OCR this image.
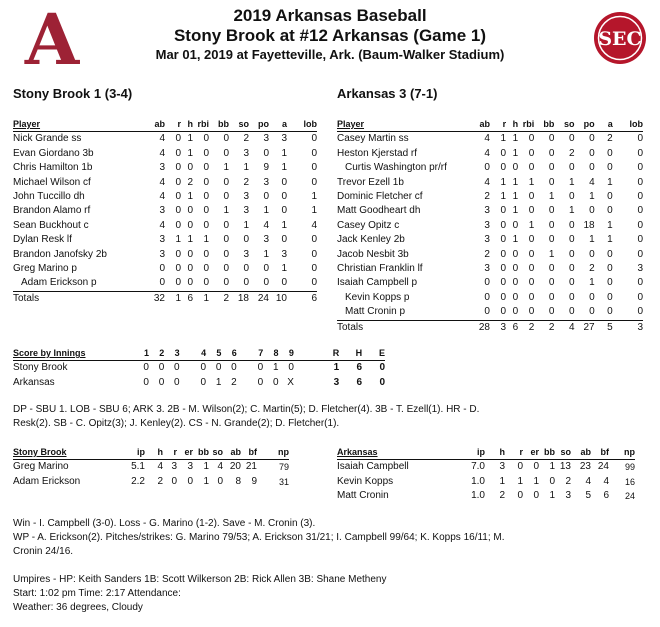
A	SEC
2019 Arkansas Baseball
Stony Brook at #12 Arkansas (Game 1)
Mar 01, 2019 at Fayetteville, Ark. (Baum-Walker Stadium)
Stony Brook 1 (3-4)	Arkansas 3 (7-1)
Player	ab	r	h	rbi	bb	so	po	a	lob
Nick Grande ss	4	0	1	0	0	2	3	3	0
Evan Giordano 3b	4	0	1	0	0	3	0	1	0
Chris Hamilton 1b	3	0	0	0	1	1	9	1	0
Michael Wilson cf	4	0	2	0	0	2	3	0	0
John Tuccillo dh	4	0	1	0	0	3	0	0	1
Brandon Alamo rf	3	0	0	0	1	3	1	0	1
Sean Buckhout c	4	0	0	0	0	1	4	1	4
Dylan Resk lf	3	1	1	1	0	0	3	0	0
Brandon Janofsky 2b	3	0	0	0	0	3	1	3	0
Greg Marino p	0	0	0	0	0	0	0	1	0
Adam Erickson p	0	0	0	0	0	0	0	0	0
Totals	32	1	6	1	2	18	24	10	6
Player	ab	r	h	rbi	bb	so	po	a	lob
Casey Martin ss	4	1	1	0	0	0	0	2	0
Heston Kjerstad rf	4	0	1	0	0	2	0	0	0
Curtis Washington pr/rf	0	0	0	0	0	0	0	0	0
Trevor Ezell 1b	4	1	1	1	0	1	4	1	0
Dominic Fletcher cf	2	1	1	0	1	0	1	0	0
Matt Goodheart dh	3	0	1	0	0	1	0	0	0
Casey Opitz c	3	0	0	1	0	0	18	1	0
Jack Kenley 2b	3	0	1	0	0	0	1	1	0
Jacob Nesbit 3b	2	0	0	0	1	0	0	0	0
Christian Franklin lf	3	0	0	0	0	0	2	0	3
Isaiah Campbell p	0	0	0	0	0	0	1	0	0
Kevin Kopps p	0	0	0	0	0	0	0	0	0
Matt Cronin p	0	0	0	0	0	0	0	0	0
Totals	28	3	6	2	2	4	27	5	3
Score by Innings	1	2	3		4	5	6		7	8	9		R	H	E
Stony Brook	0	0	0		0	0	0		0	1	0		1	6	0
Arkansas	0	0	0		0	1	2		0	0	X		3	6	0
DP - SBU 1. LOB - SBU 6; ARK 3. 2B - M. Wilson(2); C. Martin(5); D. Fletcher(4). 3B - T. Ezell(1). HR - D.
Resk(2). SB - C. Opitz(3); J. Kenley(2). CS - N. Grande(2); D. Fletcher(1).
Stony Brook	ip	h	r	er	bb	so	ab	bf	np
Greg Marino	5.1	4	3	3	1	4	20	21	79
Adam Erickson	2.2	2	0	0	1	0	8	9	31
Arkansas	ip	h	r	er	bb	so	ab	bf	np
Isaiah Campbell	7.0	3	0	0	1	13	23	24	99
Kevin Kopps	1.0	1	1	1	0	2	4	4	16
Matt Cronin	1.0	2	0	0	1	3	5	6	24
Win - I. Campbell (3-0). Loss - G. Marino (1-2). Save - M. Cronin (3).
WP - A. Erickson(2). Pitches/strikes: G. Marino 79/53; A. Erickson 31/21; I. Campbell 99/64; K. Kopps 16/11; M.
Cronin 24/16.
Umpires - HP: Keith Sanders 1B: Scott Wilkerson 2B: Rick Allen 3B: Shane Metheny
Start: 1:02 pm Time: 2:17 Attendance:
Weather: 36 degrees, Cloudy
